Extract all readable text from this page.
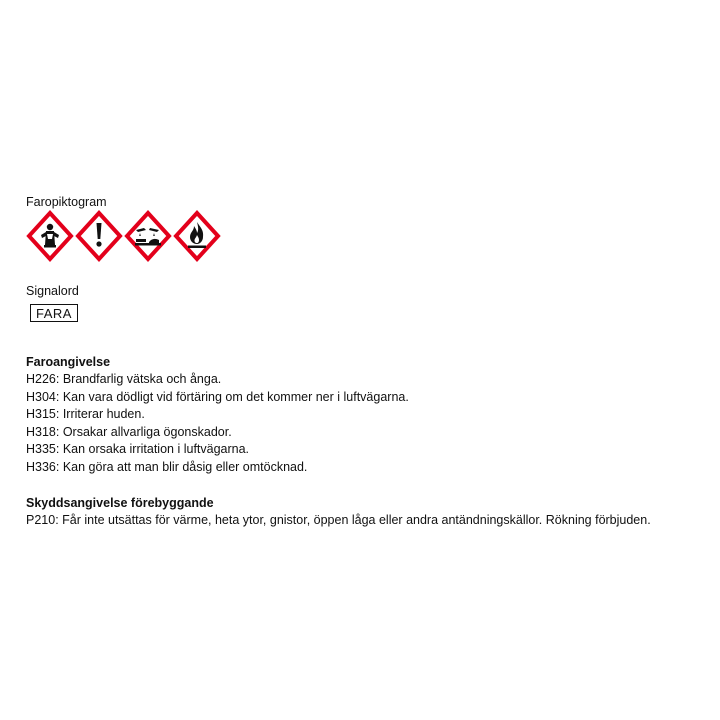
Faropiktogram
Signalord
FARA
Faroangivelse
H226: Brandfarlig vätska och ånga.
H304: Kan vara dödligt vid förtäring om det kommer ner i luftvägarna.
H315: Irriterar huden.
H318: Orsakar allvarliga ögonskador.
H335: Kan orsaka irritation i luftvägarna.
H336: Kan göra att man blir dåsig eller omtöcknad.
Skyddsangivelse förebyggande
P210: Får inte utsättas för värme, heta ytor, gnistor, öppen låga eller andra antändningskällor. Rökning förbjuden.
